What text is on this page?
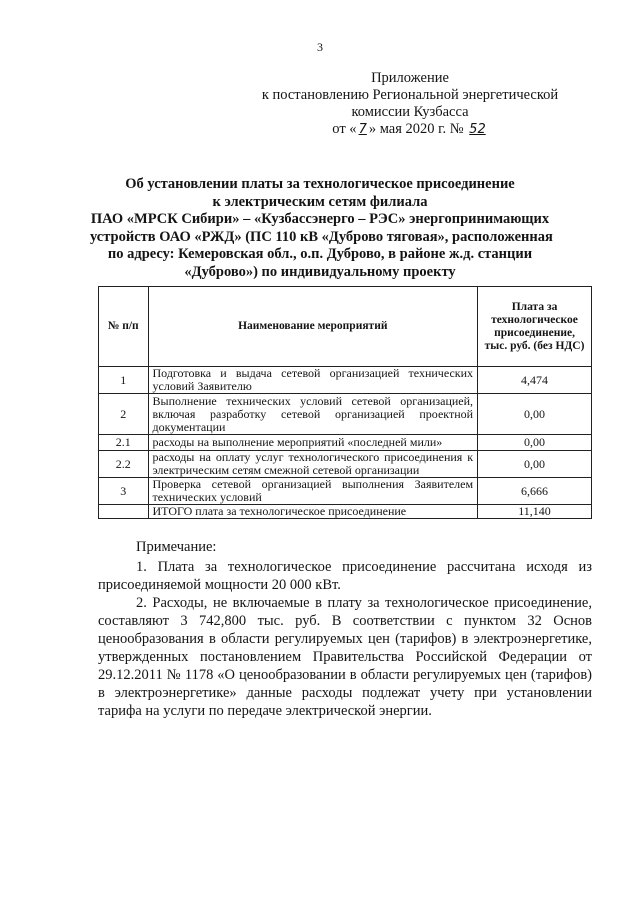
3
Приложение
к постановлению Региональной энергетической
комиссии Кузбасса
от « 7 » мая 2020 г. № 52
Об установлении платы за технологическое присоединение
к электрическим сетям филиала
ПАО «МРСК Сибири» – «Кузбассэнерго – РЭС» энергопринимающих
устройств ОАО «РЖД» (ПС 110 кВ «Дуброво тяговая», расположенная
по адресу: Кемеровская обл., о.п. Дуброво, в районе ж.д. станции
«Дуброво») по индивидуальному проекту
№ п/п	Наименование мероприятий	Плата за технологическое присоединение, тыс. руб. (без НДС)
1	Подготовка и выдача сетевой организацией технических условий Заявителю	4,474
2	Выполнение технических условий сетевой организацией, включая разработку сетевой организацией проектной документации	0,00
2.1	расходы на выполнение мероприятий «последней мили»	0,00
2.2	расходы на оплату услуг технологического присоединения к электрическим сетям смежной сетевой организации	0,00
3	Проверка сетевой организацией выполнения Заявителем технических условий	6,666
	ИТОГО плата за технологическое присоединение	11,140
Примечание:

1. Плата за технологическое присоединение рассчитана исходя из присоединяемой мощности 20 000 кВт.

2. Расходы, не включаемые в плату за технологическое присоединение, составляют 3 742,800 тыс. руб. В соответствии с пунктом 32 Основ ценообразования в области регулируемых цен (тарифов) в электроэнергетике, утвержденных постановлением Правительства Российской Федерации от 29.12.2011 № 1178 «О ценообразовании в области регулируемых цен (тарифов) в электроэнергетике» данные расходы подлежат учету при установлении тарифа на услуги по передаче электрической энергии.
